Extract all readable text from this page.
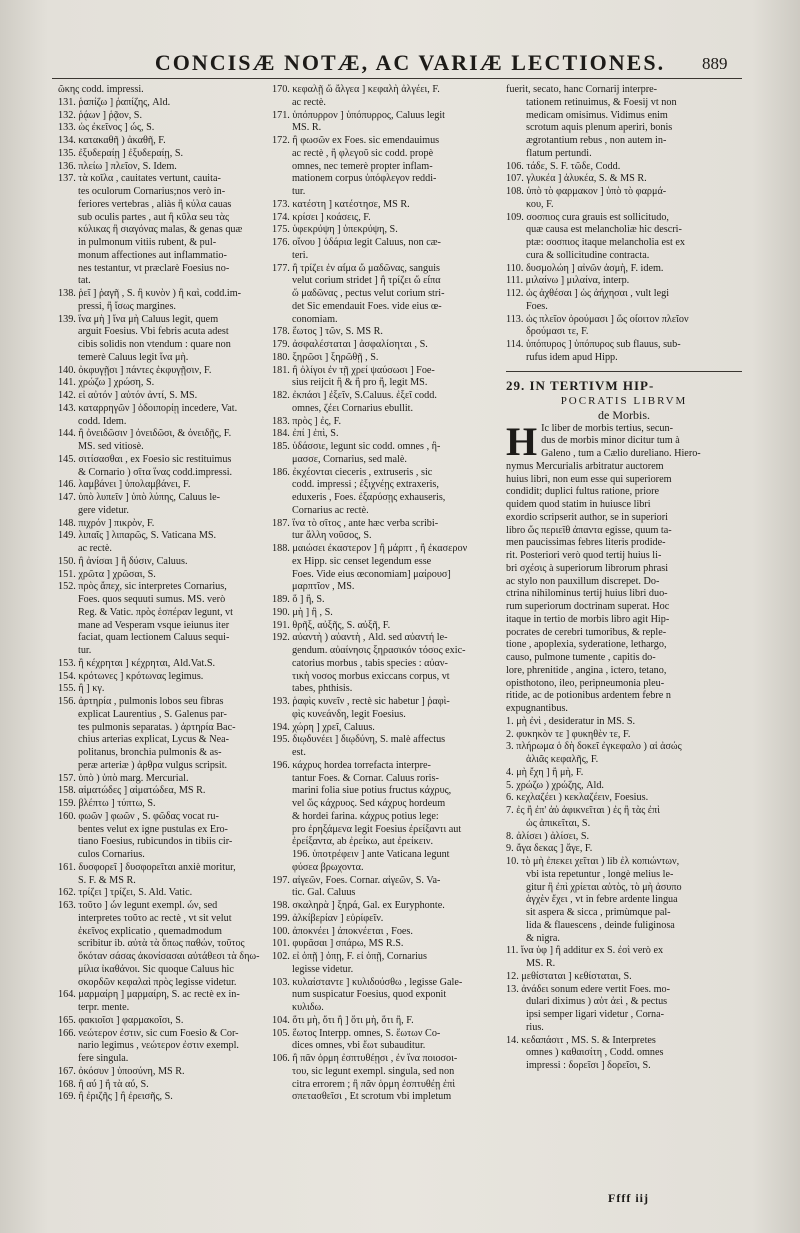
CONCISÆ NOTÆ, AC VARIÆ LECTIONES.	889
ῶκης codd. impressi.
131. ῥαπίζω ] ῥαπίζης, Ald.
132. ῥᾴων ] ῥᾷον, S.
133. ὡς ἐκεῖνος ] ὧς, S.
134. κατακαθῆ ) ἀκαθῆ, F.
135. ἐξυδεραίῃ ] ἐξυδεραίῃ, S.
136. πλείω ] πλεῖον, S. Idem.
137. τὰ κοῖλα , cauitates vertunt, cauita-
tes oculorum Cornarius;nos verò in-
feriores vertebras , aliàs ἢ κύλα cauas
sub oculis partes , aut ἢ κῦλα seu τὰς
κύλικας ἢ σιαγόνας malas, & genas quæ
in pulmonum vitiis rubent, & pul-
monum affectiones aut inflammatio-
nes testantur, vt præclarè Foesius no-
tat.
138. ῥεῖ ] ῥαγῆ , S. ἢ κυνὸν ) ἢ καὶ, codd.im-
pressi, ἢ ἴσως margines.
139. ἵνα μὴ ] ἵνα μὴ Caluus legit, quem
arguit Foesius. Vbi febris acuta adest
cibis solidis non vtendum : quare non
temerè Caluus legit ἵνα μὴ.
140. ὀκφυγῇσι ] πάντες ἐκφυγῇσιν, F.
141. χρώζω ] χρώση, S.
142. εἰ αὐτόν ] αὐτόν ἀντί, S. MS.
143. καταρρηγῶν ] ὁδοιπορίῃ incedere, Vat.
codd. Idem.
144. ἢ ὀνειδῶσιν ] ὀνειδῶσι, & ὀνειδῇς, F.
MS. sed vitiosè.
145. σιτίσασθαι , ex Foesio sic restituimus
& Cornario ) σῖτα ἵνας codd.impressi.
146. λαμβάνει ] ὑπολαμβάνει, F.
147. ὑπὸ λυπεῖν ] ὑπὸ λύπης, Caluus le-
gere videtur.
148. πιχρόν ] πικρὸν, F.
149. λιπαῖς ] λιπαρῶς, S. Vaticana MS.
ac rectè.
150. ἢ ἀνίσαι ] ἢ δύσιν, Caluus.
151. χρῶτα ] χρῶσαι, S.
152. πρὸς ἄπεχ, sic interpretes Cornarius,
Foes. quos sequuti sumus. MS. verò
Reg. & Vatic. πρὸς ἑσπέραν legunt, vt
mane ad Vesperam vsque ieiunus iter
faciat, quam lectionem Caluus sequi-
tur.
153. ἢ κέχρηται ] κέχρηται, Ald.Vat.S.
154. κρότωνες ] κρότωνας legimus.
155. ἢ ] κγ.
156. ἀρτηρία , pulmonis lobos seu fibras
explicat Laurentius , S. Galenus par-
tes pulmonis separatas. ) ἀρτηρία Bac-
chius arterias explicat, Lycus & Nea-
politanus, bronchia pulmonis & as-
peræ arteriæ ) ἀρθρα vulgus scripsit.
157. ὑπὸ ) ὑπὸ marg. Mercurial.
158. αἱματώδες ] αἱματώδεα, MS R.
159. βλέπτω ] τύπτω, S.
160. φωῶν ] φωῶν , S. φῶδας vocat ru-
bentes velut ex igne pustulas ex Ero-
tiano Foesius, rubicundos in tibiis cir-
culos Cornarius.
161. δυσφορεῖ ] δυσφορεῖται anxiè moritur,
S. F. & MS R.
162. τρίζει ] τρίζει, S. Ald. Vatic.
163. τοῦτο ] ὧν legunt exempl. ὧν, sed
interpretes τοῦτο ac rectè , vt sit velut
ἐκεῖνος explicatio , quemadmodum
scribitur ib. αὐτὰ τὰ ὅπως παθών, τοῦτος
ὅκόταν σάσας ἀκονίσασαι αὐτάθεσι τὰ δηω-
μίλια ἰκαθάνοι. Sic quoque Caluus hic
σκορδῶν κεφαλαὶ πρὸς legisse videtur.
164. μαρμαίρη ] μαρμαίρη, S. ac rectè ex in-
terpr. mente.
165. φακιοῖσι ] φαρμακοῖσι, S.
166. νεώτερον ἐστιν, sic cum Foesio & Cor-
nario legimus , νεώτερον ἐστιν exempl.
fere singula.
167. ὀκόσυν ] ὑποσύνη, MS R.
168. ἢ αὖ ] ἢ τὰ αὖ, S.
169. ἢ ἐριζῆς ] ἢ ἐρεισῆς, S.
170. κεφαλῇ ὥ ἄλγεα ] κεφαλὴ ἀλγέει, F.
ac rectè.
171. ὑπόπυρρον ] ὑπόπυρρος, Caluus legit
MS. R.
172. ἢ φωσῶν ex Foes. sic emendauimus
ac rectè , ἢ φλεγοῦ sic codd. propè
omnes, nec temerè propter inflam-
mationem corpus ὑπόφλεγον reddi-
tur.
173. κατέστη ] κατέστησε, MS R.
174. κρίσει ] κοάσεις, F.
175. ὑφεκρύψη ] ὑπεκρύψη, S.
176. οἴνου ] ὑδάρια legit Caluus, non cæ-
teri.
177. ἢ τρίζει ἐν αἷμα ὥ μαδῶνας, sanguis
velut corium stridet ] ἢ τρίζει ὥ εἶπα
ὥ μαδῶνας , pectus velut corium stri-
det Sic emendauit Foes. vide eius œ-
conomiam.
178. ἕωτος ] τῶν, S. MS R.
179. ἀσφαλέσταται ] ἀσφαλίσηται , S.
180. ξηρῶσι ] ξηρῶθῇ , S.
181. ἢ ὀλίγοι ἐν τῇ χρεί ψαύσωσι ] Foe-
sius reijcit ἢ & ἢ pro ἢ, legit MS.
182. ἐκπάσι ] ἐξεῖν, S.Caluus. ἐξεῖ codd.
omnes, ζέει Cornarius ebullit.
183. πρὸς ] ἐς, F.
184. ἐπί ] ἐπὶ, S.
185. ὑδάσσιε, legunt sic codd. omnes , ἢ-
μασσε, Cornarius, sed malè.
186. ἐκχέονται cieceris , extruseris , sic
codd. impressi ; ἐξιχνέῃς extraxeris,
eduxeris , Foes. ἐξαρύσῃς exhauseris,
Cornarius ac rectè.
187. ἵνα τὸ σῖτος , ante hæc verba scribi-
tur ἄλλη νοῦσος, S.
188. μαιώσει ἐκαστερον ] ἢ μάρπτ , ἢ ἐκασερον
ex Hipp. sic censet legendum esse
Foes. Vide eius œconomiam] μαίρουσ]
μαρπτῖον , MS.
189. ὅ ] ἢ, S.
190. μὴ ] ἢ , S.
191. θρῆξ, αὐξῆς, S. αὐξῆ, F.
192. αὐαντὴ ) αὐαντὴ , Ald. sed αὐαντή le-
gendum. αὐαίνησις ξηρασικόν τόσος exic-
catorius morbus , tabis species : αὐαν-
τικὴ νοσος morbus exiccans corpus, vt
tabes, phthisis.
193. ῥαφὶς κυνεῖν , rectè sic habetur ] ῥαφὶ-
φὶς κυνεάνδη, legit Foesius.
194. χώρη ] χρεῖ, Caluus.
195. διῳδυνέει ] διῳδύνη, S. malè affectus
est.
196. κάχρυς hordea torrefacta interpre-
tantur Foes. & Cornar. Caluus roris-
marini folia siue potius fructus κάχρυς,
vel ὥς κάχρυος. Sed κάχρυς hordeum
& hordei farina. κάχρυς potius lege:
pro ἐρηξάμενα legit Foesius ἐρείξαντι aut
ἐρείξαντα, ab ἐρείκω, aut ἐρείκειν.
196. ὑποτρέφειν ] ante Vaticana legunt
φύσεα βρωχοντα.
197. αἰγεῶν, Foes. Cornar. αἰγεῶν, S. Va-
tic. Gal. Caluus
198. σκαληρὰ ] ξηρά, Gal. ex Euryphonte.
199. ἀλκίβερίαν ] εὐρίφεῖν.
100. ἀποκνέει ] ἀποκνέεται , Foes.
101. φυρᾶσαι ] σπάρω, MS R.S.
102. εἰ ὁπῇ ] ὁπῃ, F. εἰ ὁπῇ, Cornarius
legisse videtur.
103. κυλαίσταντε ] κυλιδούσθω , legisse Gale-
num suspicatur Foesius, quod exponit
κυλιδω.
104. ὅτι μὴ, ὅτι ἢ ] ὅτι μὴ, ὅτι ἢ, F.
105. ἕωτος Interpp. omnes, S. ἕωτων Co-
dices omnes, vbi ἕωτ subauditur.
106. ἢ πᾶν ὁρμη ἐσπτυθέῃσι , ἐν ἵνα ποιοσοι-
του, sic legunt exempl. singula, sed non
citra errorem ; ἢ πᾶν ὁρμη ἐσπτυθέῃ ἐπὶ
σπετασθεῖσι , Et scrotum vbi impletum
fuerit, secato, hanc Cornarij interpre-
tationem retinuimus, & Foesij vt non
medicam omisimus. Vidimus enim
scrotum aquis plenum aperiri, bonis
ægrotantium rebus , non autem in-
flatum pertundi.
106. τάδε, S. F. τῶδε, Codd.
107. γλυκέα ] ἁλυκέα, S. & MS R.
108. ὑπὸ τὸ φαρμακον ] ὑπὸ τὸ φαρμά-
κου, F.
109. σοσπιος cura grauis est sollicitudo,
quæ causa est melancholiæ hic descri-
ptæ: σοσπιος itaque melancholia est ex
cura & sollicitudine contracta.
110. δυσμολώη ] αἰνῶν ἀσμὴ, F. idem.
111. μιλαίνω ] μιλαίνα, interp.
112. ὡς ἀχθέσαι ] ὡς ἀήχησαι , vult legi
Foes.
113. ὡς πλεῖον ὀρούμασι ] ὥς οἷοιτον πλεῖον
δρούμασι τε, F.
114. ὑπόπυρος ] ὑπόπυρος sub flauus, sub-
rufus idem apud Hipp.
29. IN TERTIVM HIP-
POCRATIS LIBRVM
de Morbis.
H Ic liber de morbis tertius, secun-
dus de morbis minor dicitur tum à
Galeno , tum a Cælio dureliano. Hiero-
nymus Mercurialis arbitratur auctorem
huius libri, non eum esse qui superiorem
condidit; duplici fultus ratione, priore
quidem quod statim in huiusce libri
exordio scripserit author, se in superiori
libro ὥς περιεῖθ ἀπαντα egisse, quum ta-
men paucissimas febres literis prodide-
rit. Posteriori verò quod tertij huius li-
bri σχέσις à superiorum librorum phrasi
ac stylo non pauxillum discrepet. Do-
ctrina nihilominus tertij huius libri duo-
rum superiorum doctrinam superat. Hoc
itaque in tertio de morbis libro agit Hip-
pocrates de cerebri tumoribus, & reple-
tione , apoplexia, syderatione, lethargo,
causo, pulmone tumente , capitis do-
lore, phrenitide , angina , ictero, tetano,
opisthotono, ileo, peripneumonia pleu-
ritide, ac de potionibus ardentem febre n
expugnantibus.
1. μὴ ἐνὶ , desideratur in MS. S.
2. φυκηκὸν τε ] φυκηθὲν τε, F.
3. πλήρωμα ὁ δὴ δοκεῖ ἐγκεφαλο ) αἱ ἀσώς
ἀλιᾶς κεφαλῆς, F.
4. μὴ ἔχη ] ἢ μὴ, F.
5. χρώζω ) χρώζης, Ald.
6. κεχλαζέει ) κεκλαζέειν, Foesius.
7. ἐς ἢ ἐπ' ἀὐ ἀφικνεῖται ) ἐς ἢ τὰς ἐπὶ
ὡς ἀπικεῖται, S.
8. ἀλίσει ) ἀλίσει, S.
9. ἄγα δεκας ] ἄγε, F.
10. τὸ μὴ ἐπεκει χεῖται ) lib ἐλ κοπιώντων,
vbi ista repetuntur , longè melius le-
gitur ἢ ἐπὶ χρίεται αὐτὸς, τὸ μὴ ἀσυπο
ἀγχὲν ἔχει , vt in febre ardente lingua
sit aspera & sicca , primùmque pal-
lida & flauescens , deinde fuliginosa
& nigra.
11. ἵνα ὑφ ] ἢ additur ex S. ἐσὶ verò ex
MS. R.
12. μεθίσταται ] κεθίσταται, S.
13. ἀνάδει sonum edere vertit Foes. mo-
dulari diximus ) αὐτ ἀεὶ , & pectus
ipsi semper ligari videtur , Corna-
rius.
14. κεδαπάσιτ , MS. S. & Interpretes
omnes ) καθαισίτη , Codd. omnes
impressi : δορεῖσι ] δορεῖσι, S.
Ffff iij
